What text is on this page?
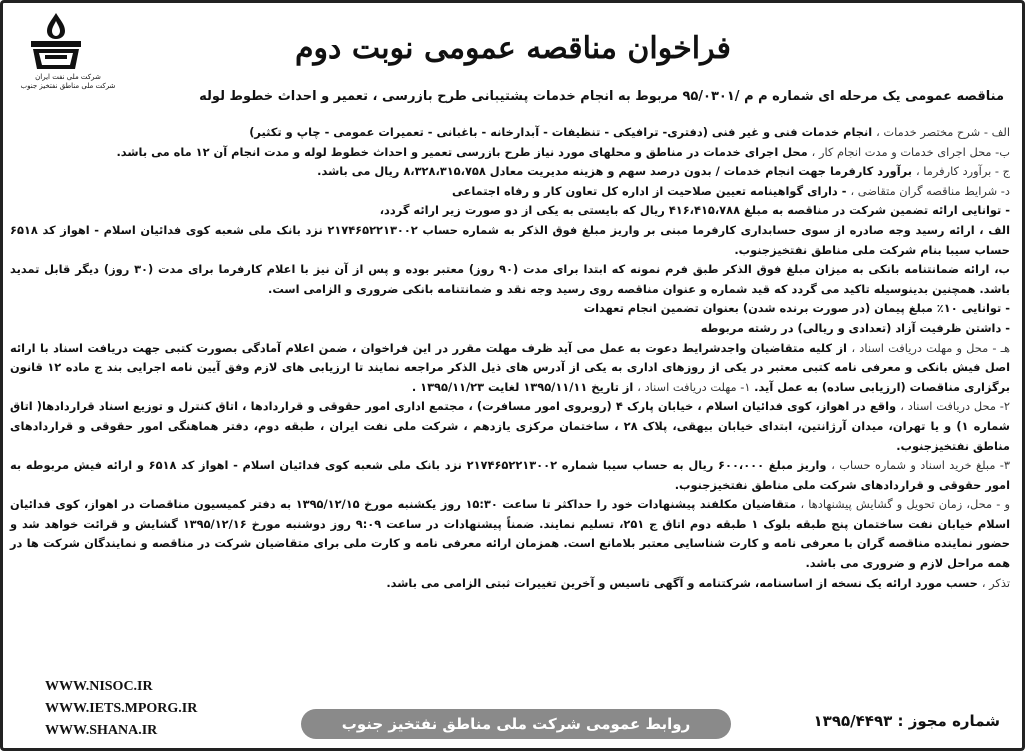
شرکت ملی نفت ایران
شرکت ملی مناطق نفتخیز جنوب
فراخوان مناقصه عمومی نوبت دوم
مناقصه عمومی یک مرحله ای شماره م م /۹۵/۰۳۰۱ مربوط به انجام خدمات پشتیبانی طرح بازرسی ، تعمیر و احداث خطوط لوله

الف - شرح مختصر خدمات ، انجام خدمات فنی و غیر فنی (دفتری- ترافیکی - تنظیفات - آبدارخانه - باغبانی - تعمیرات عمومی - چاپ و تکثیر)

ب- محل اجرای خدمات و مدت انجام کار ، محل اجرای خدمات در مناطق و محلهای مورد نیاز طرح بازرسی تعمیر و احداث خطوط لوله و مدت انجام آن ۱۲ ماه می باشد.

ج - برآورد کارفرما ، برآورد کارفرما جهت انجام خدمات / بدون درصد سهم و هزینه مدیریت معادل ۸،۳۲۸،۳۱۵،۷۵۸ ریال می باشد.

د- شرایط مناقصه گران متقاضی ، - دارای گواهینامه تعیین صلاحیت از اداره کل تعاون کار و رفاه اجتماعی

- توانایی ارائه تضمین شرکت در مناقصه به مبلغ ۴۱۶،۴۱۵،۷۸۸ ریال که بایستی به یکی از دو صورت زیر ارائه گردد،

الف ، ارائه رسید وجه صادره از سوی حسابداری کارفرما مبنی بر واریز مبلغ فوق الذکر به شماره حساب ۲۱۷۴۶۵۲۲۱۳۰۰۲ نزد بانک ملی شعبه کوی فدائیان اسلام - اهواز کد ۶۵۱۸ حساب سیبا بنام شرکت ملی مناطق نفتخیزجنوب.

ب، ارائه ضمانتنامه بانکی به میزان مبلغ فوق الذکر طبق فرم نمونه که ابتدا برای مدت (۹۰ روز) معتبر بوده و پس از آن نیز با اعلام کارفرما برای مدت (۳۰ روز) دیگر قابل تمدید باشد. همچنین بدینوسیله تاکید می گردد که قید شماره و عنوان مناقصه روی رسید وجه نقد و ضمانتنامه بانکی ضروری و الزامی است.

- توانایی ۱۰٪ مبلغ پیمان (در صورت برنده شدن) بعنوان تضمین انجام تعهدات

- داشتن ظرفیت آزاد (تعدادی و ریالی) در رشته مربوطه

هـ - محل و مهلت دریافت اسناد ، از کلیه متقاضیان واجدشرایط دعوت به عمل می آید ظرف مهلت مقرر در این فراخوان ، ضمن اعلام آمادگی بصورت کتبی جهت دریافت اسناد با ارائه اصل فیش بانکی و معرفی نامه کتبی معتبر در یکی از روزهای اداری به یکی از آدرس های ذیل الذکر مراجعه نمایند تا ارزیابی های لازم وفق آیین نامه اجرایی بند ج ماده ۱۲ قانون برگزاری مناقصات (ارزیابی ساده) به عمل آید. ۱- مهلت دریافت اسناد ، از تاریخ ۱۳۹۵/۱۱/۱۱ لغایت ۱۳۹۵/۱۱/۲۳ .

۲- محل دریافت اسناد ، واقع در اهواز، کوی فدائیان اسلام ، خیابان پارک ۴ (روبروی امور مسافرت) ، مجتمع اداری امور حقوقی و قراردادها ، اتاق کنترل و توزیع اسناد قراردادها( اتاق شماره ۱) و یا تهران، میدان آرژانتین، ابتدای خیابان بیهقی، پلاک ۲۸ ، ساختمان مرکزی یازدهم ، شرکت ملی نفت ایران ، طبقه دوم، دفتر هماهنگی امور حقوقی و قراردادهای مناطق نفتخیزجنوب.

۳- مبلغ خرید اسناد و شماره حساب ، واریز مبلغ ۶۰۰،۰۰۰ ریال به حساب سیبا شماره ۲۱۷۴۶۵۲۲۱۳۰۰۲ نزد بانک ملی شعبه کوی فدائیان اسلام - اهواز کد ۶۵۱۸ و ارائه فیش مربوطه به امور حقوقی و قراردادهای شرکت ملی مناطق نفتخیزجنوب.

و - محل، زمان تحویل و گشایش پیشنهادها ، متقاضیان مکلفند پیشنهادات خود را حداکثر تا ساعت ۱۵:۳۰ روز یکشنبه مورخ ۱۳۹۵/۱۲/۱۵ به دفتر کمیسیون مناقصات در اهواز، کوی فدائیان اسلام خیابان نفت ساختمان پنج طبقه بلوک ۱ طبقه دوم اتاق ج ۲۵۱، تسلیم نمایند. ضمناً پیشنهادات در ساعت ۹:۰۹ روز دوشنبه مورخ ۱۳۹۵/۱۲/۱۶ گشایش و قرائت خواهد شد و حضور نماینده مناقصه گران با معرفی نامه و کارت شناسایی معتبر بلامانع است. همزمان ارائه معرفی نامه و کارت ملی برای متقاضیان شرکت در مناقصه و نمایندگان شرکت ها در همه مراحل لازم و ضروری می باشد.

تذکر ، حسب مورد ارائه یک نسخه از اساسنامه، شرکتنامه و آگهی تاسیس و آخرین تغییرات ثبتی الزامی می باشد.

WWW.NISOC.IR
WWW.IETS.MPORG.IR
WWW.SHANA.IR	روابط عمومی شرکت ملی مناطق نفتخیز جنوب	شماره مجوز : ۱۳۹۵/۴۴۹۳
